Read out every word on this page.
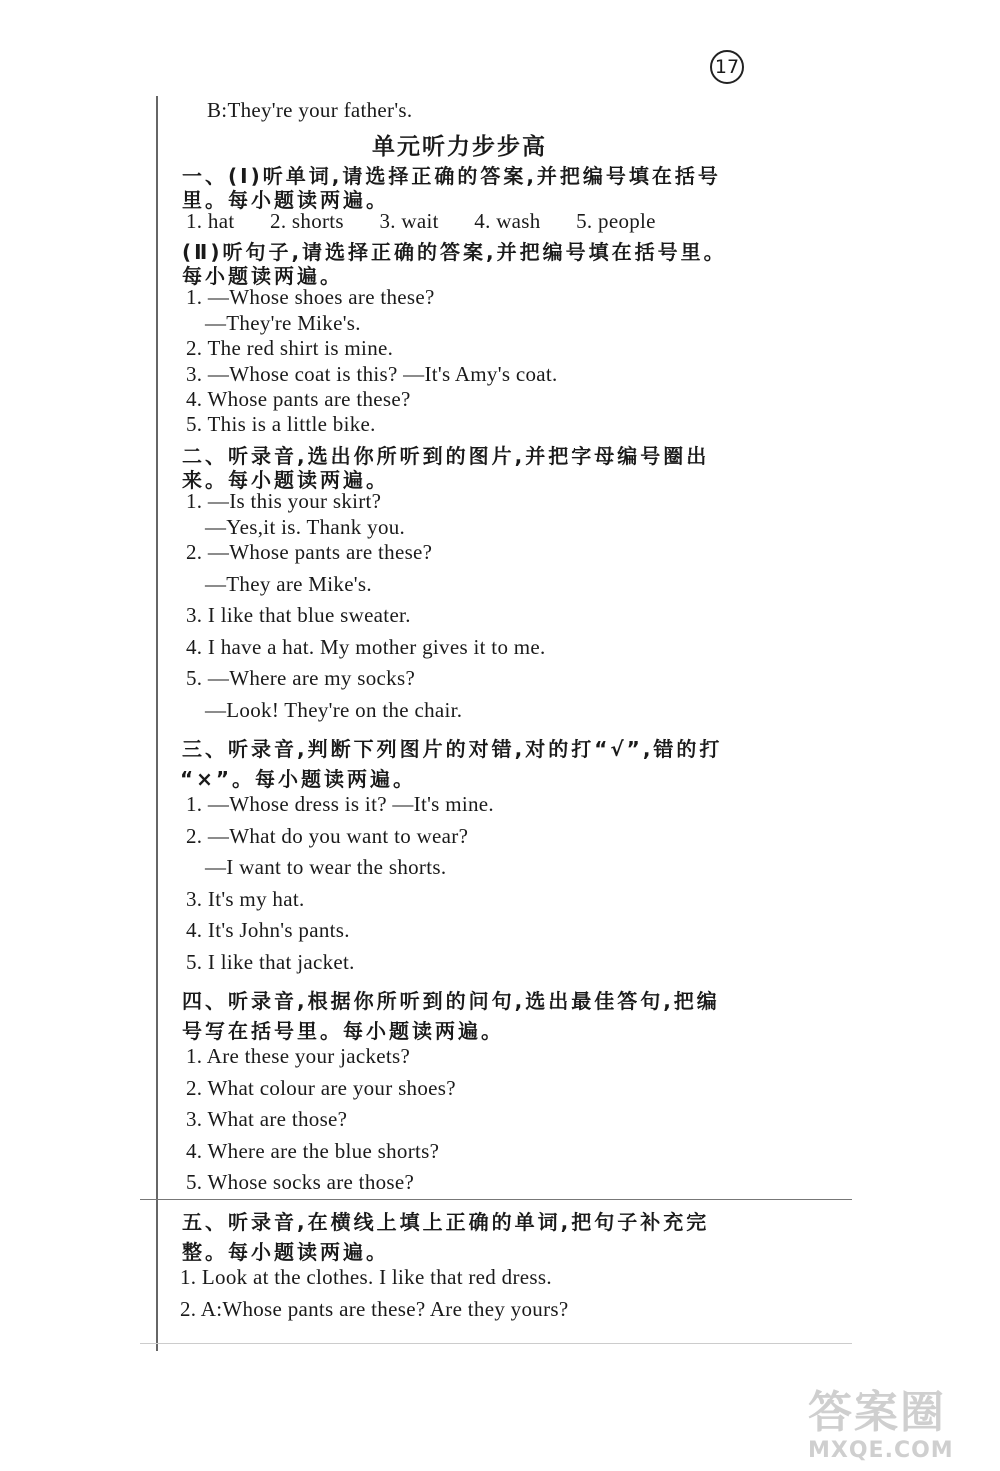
17
B:They're your father's.
单元听力步步高
一、(Ⅰ)听单词,请选择正确的答案,并把编号填在括号
里。每小题读两遍。
1. hat 2. shorts 3. wait 4. wash 5. people
(Ⅱ)听句子,请选择正确的答案,并把编号填在括号里。
每小题读两遍。
1. —Whose shoes are these?
—They're Mike's.
2. The red shirt is mine.
3. —Whose coat is this? —It's Amy's coat.
4. Whose pants are these?
5. This is a little bike.
二、听录音,选出你所听到的图片,并把字母编号圈出
来。每小题读两遍。
1. —Is this your skirt?
—Yes,it is. Thank you.
2. —Whose pants are these?
—They are Mike's.
3. I like that blue sweater.
4. I have a hat. My mother gives it to me.
5. —Where are my socks?
—Look! They're on the chair.
三、听录音,判断下列图片的对错,对的打“√”,错的打
“×”。每小题读两遍。
1. —Whose dress is it? —It's mine.
2. —What do you want to wear?
—I want to wear the shorts.
3. It's my hat.
4. It's John's pants.
5. I like that jacket.
四、听录音,根据你所听到的问句,选出最佳答句,把编
号写在括号里。每小题读两遍。
1. Are these your jackets?
2. What colour are your shoes?
3. What are those?
4. Where are the blue shorts?
5. Whose socks are those?
五、听录音,在横线上填上正确的单词,把句子补充完
整。每小题读两遍。
1. Look at the clothes. I like that red dress.
2. A:Whose pants are these? Are they yours?
答案圈
MXQE.COM
